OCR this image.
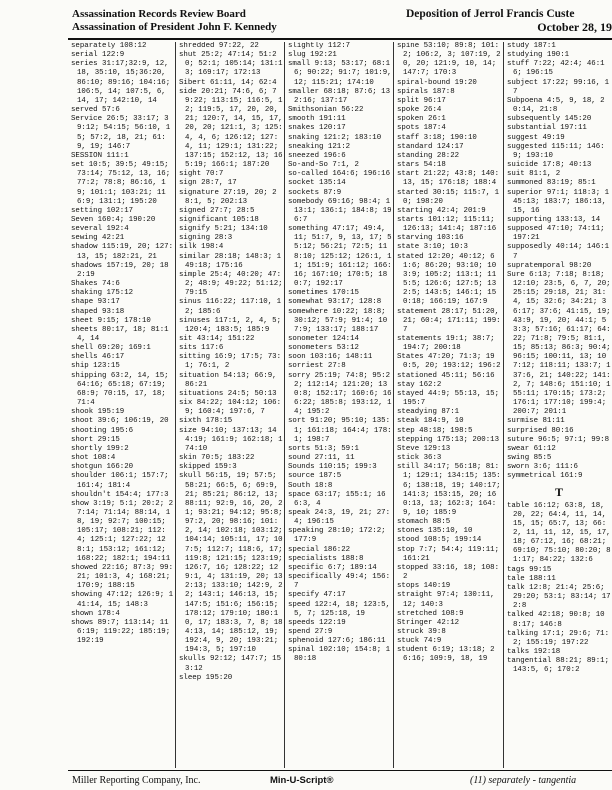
Assassination Records Review Board
Assassination of President John F. Kennedy
Deposition of Jerrol Francis Custe
October 28, 19
separately 108:12
serial 122:9
series 31:17;32:9, 12, 18, 35:10, 15;36:20, 86:10; 89:16; 104:16; 106:5, 14; 107:5, 6, 14, 17; 142:10, 14
served 57:6
Service 26:5; 33:17; 39:12; 54:15; 56:10, 15; 57:2, 18, 21; 61:9, 19; 146:7
SESSION 111:1
set 10:5; 39:5; 49:15; 73:14; 75:12, 13, 16; 77:2; 78:8; 86:16, 19; 101:1; 103:21; 116:9; 131:1; 195:20
setting 102:17
Seven 160:4; 190:20
several 192:4
sewing 42:21
shadow 115:19, 20; 127:13, 15; 182:21, 21
shadows 157:19, 20; 182:19
Shakes 74:6
shaking 175:12
shape 93:17
shaped 93:18
sheet 9:15; 178:10
sheets 80:17, 18; 81:14, 14
shell 69:20; 169:1
shells 46:17
ship 123:15
shipping 63:2, 14, 15; 64:16; 65:18; 67:19; 68:9; 70:15, 17, 18; 71:4
shook 195:19
shoot 39:6; 106:19, 20
shooting 195:6
short 29:15
shortly 199:2
shot 108:4
shotgun 166:20
shoulder 106:1; 157:7; 161:4; 181:4
shouldn't 154:4; 177:3
show 3:19; 5:1; 20:2; 27:14; 71:14; 88:14, 18, 19; 92:7; 100:15; 105:17; 108:21; 112:4; 125:1; 127:22; 128:1; 153:12; 161:12; 168:22; 182:1; 194:11
showed 22:16; 87:3; 99:21; 101:3, 4; 168:21; 170:9; 188:15
showing 47:12; 126:9; 141:14, 15; 148:3
shown 178:4
shows 89:7; 113:14; 116:19; 119:22; 185:19; 192:19
shredded 97:22, 22
shut 25:2; 47:14; 51:20; 52:1; 105:14; 131:13; 169:17; 172:13
Sibert 61:11, 14; 62:4
side 20:21; 74:6, 6; 79:22; 113:15; 116:5, 12; 119:5, 17, 20, 20, 21; 120:7, 14, 15, 17, 20, 20; 121:1, 3; 125:4, 4, 6; 126:12; 127:4, 11; 129:1; 131:22; 137:15; 152:12, 13; 165:19; 166:1; 187:20
sight 70:7
sign 28:7, 17
signature 27:19, 20; 28:1, 5; 202:13
signed 27:7; 28:5
significant 105:18
signify 5:21; 134:10
signing 28:3
silk 198:4
similar 28:18; 148:3; 149:18; 175:16
simple 25:4; 40:20; 47:2; 48:9; 49:22; 51:12; 79:15
sinus 116:22; 117:10, 12; 185:6
sinuses 117:1, 2, 4, 5; 120:4; 183:5; 185:9
sit 43:14; 151:22
sits 117:6
sitting 16:9; 17:5; 73:1; 76:1, 2
situation 54:13; 66:9, 86:21
situations 24:5; 50:13
six 84:22; 104:12; 106:9; 160:4; 197:6, 7
sixth 178:15
size 94:10; 137:13; 144:19; 161:9; 162:18; 174:10
skin 70:5; 183:22
skipped 159:3
skull 56:15, 19; 57:5; 58:21; 66:5, 6; 69:9, 21; 85:21; 86:12, 13; 88:11; 92:9, 16, 20, 21; 93:21; 94:12; 95:8; 97:2, 20; 98:16; 101:2, 14; 102:18; 103:12; 104:14; 105:11, 17; 107:5; 112:7; 118:6, 17; 119:8; 121:15; 123:19; 126:7, 16; 128:22; 129:1, 4; 131:19, 20; 132:13; 133:10; 142:9, 22; 143:1; 146:13, 15; 147:5; 151:6; 156:15; 178:12; 179:10; 180:10, 17; 183:3, 7, 8; 184:13, 14; 185:12, 19; 192:4, 9, 20; 193:21; 194:3, 5; 197:10
skulls 92:12; 147:7; 153:12
sleep 195:20
slightly 112:7
slug 192:21
small 9:13; 53:17; 68:16; 90:22; 91:7; 101:9, 12; 115:21; 174:10
smaller 68:18; 87:6; 132:16; 137:17
Smithsonian 56:22
smooth 191:11
snakes 120:17
snaking 121:2; 183:10
sneaking 121:2
sneezed 196:6
So-and-So 7:1, 2
so-called 164:6; 196:16
socket 135:14
sockets 87:9
somebody 69:16; 98:4; 113:1; 136:1; 184:8; 196:7
something 47:17; 49:4, 11; 51:7, 9, 13, 17; 55:12; 56:21; 72:5; 118:10; 125:12; 126:1, 11; 151:9; 161:12; 166:16; 167:10; 170:5; 180:7; 192:17
sometimes 170:15
somewhat 93:17; 128:8
somewhere 10:22; 18:8; 30:12; 57:9; 91:4; 107:9; 133:17; 188:17
sonometer 124:14
sonometers 53:12
soon 103:16; 148:11
sorriest 27:8
sorry 25:19; 74:8; 95:22; 112:14; 121:20; 130:8; 152:17; 160:6; 166:22; 185:8; 193:12, 14; 195:2
sort 91:20; 95:10; 135:1; 161:18; 164:4; 178:1; 198:7
sorts 51:3; 59:1
sound 27:11, 11
Sounds 110:15; 199:3
source 187:5
South 18:8
space 63:17; 155:1; 166:3, 4
speak 24:3, 19, 21; 27:4; 196:15
speaking 28:10; 172:2; 177:9
special 186:22
specialists 188:8
specific 6:7; 189:14
specifically 49:4; 156:7
specify 47:17
speed 122:4, 18; 123:5, 5, 7; 125:18, 19
speeds 122:19
spend 27:9
sphenoid 127:6; 186:11
spinal 102:10; 154:8; 180:18
spine 53:10; 89:8; 101:2; 106:2, 3; 107:19, 20, 20; 121:9, 10, 14; 147:7; 170:3
spiral-bound 19:20
spirals 187:8
split 96:17
spoke 26:4
spoken 26:1
spots 187:4
staff 3:18; 190:10
standard 124:17
standing 28:22
stars 54:18
start 21:22; 43:8; 140:13, 15; 176:18; 188:4
started 30:15; 115:7, 10; 198:20
starting 42:4; 201:9
starts 101:12; 115:11; 126:13; 141:4; 187:16
starving 103:16
state 3:10; 10:3
stated 12:20; 40:12; 61:6; 86:20; 93:10; 103:9; 105:2; 113:1; 115:5; 126:6; 127:5; 132:5; 143:5; 146:1; 150:18; 166:19; 167:9
statement 28:17; 51:20, 21; 60:4; 171:11; 199:7
statements 19:1; 38:7; 194:7; 200:18
States 47:20; 71:3; 190:5, 20; 193:12; 196:2
stationed 45:11; 56:16
stay 162:2
stayed 44:9; 55:13, 15; 195:7
steadying 87:1
steak 184:9, 10
step 48:18; 198:5
stepping 175:13; 200:13
Steve 129:13
stick 36:3
still 34:17; 56:18; 81:1; 129:1; 134:15; 135:6; 138:18, 19; 140:17; 141:3; 153:15, 20; 160:13, 13; 162:3; 164:9, 10; 185:9
stomach 88:5
stones 135:10, 10
stood 108:5; 199:14
stop 7:7; 54:4; 119:11; 161:21
stopped 33:16, 18; 108:2
stops 140:19
straight 97:4; 130:11, 12; 140:3
stretched 108:9
Stringer 42:12
struck 39:8
stuck 74:9
student 6:19; 13:18; 26:16; 109:9, 18, 19
study 187:1
studying 190:1
stuff 7:22; 42:4; 46:16; 196:15
subject 17:22; 99:16, 17
Subpoena 4:5, 9, 18, 20:14, 21:8
subsequently 145:20
substantial 197:11
suggest 49:19
suggested 115:11; 146:9; 193:10
suicide 17:8; 40:13
suit 81:1, 2
summoned 83:19; 85:1
superior 97:1; 118:3; 145:13; 183:7; 186:13, 15, 16
supporting 133:13, 14
supposed 47:10; 74:11; 197:21
supposedly 40:14; 146:17
supratemporal 98:20
Sure 6:13; 7:18; 8:18; 12:10; 23:5, 6, 7, 20; 25:15; 29:18, 21; 31:4, 15; 32:6; 34:21; 36:17; 37:6; 41:15, 19; 43:9, 19, 20; 44:1; 53:3; 57:16; 61:17; 64:22; 71:8; 79:5; 81:1, 15; 85:13; 86:3; 90:4; 96:15; 100:11, 13; 107:12; 118:11; 133:7; 137:6, 21; 140:22; 141:2, 7; 148:6; 151:10; 155:11; 170:15; 173:2; 176:1; 177:10; 199:4; 200:7; 201:1
surmise 81:11
surprised 80:16
suture 96:5; 97:1; 99:8
swear 61:12
swing 85:5
sworn 3:6; 111:6
symmetrical 161:9
T
table 16:12; 63:8, 18, 20, 22; 64:4, 11, 14, 15, 15; 65:7, 13; 66:2, 11, 11, 12, 15, 17, 18; 67:12, 16; 68:21; 69:10; 75:10; 80:20; 81:17; 84:22; 132:6
tags 99:15
tale 188:11
talk 12:8; 21:4; 25:6; 29:20; 53:1; 83:14; 172:8
talked 42:18; 90:8; 108:17; 146:8
talking 17:1; 29:6; 71:2; 155:19; 197:22
talks 192:18
tangential 88:21; 89:1; 143:5, 6; 170:2
Miller Reporting Company, Inc.	Min-U-Script®	(11) separately - tangentia
